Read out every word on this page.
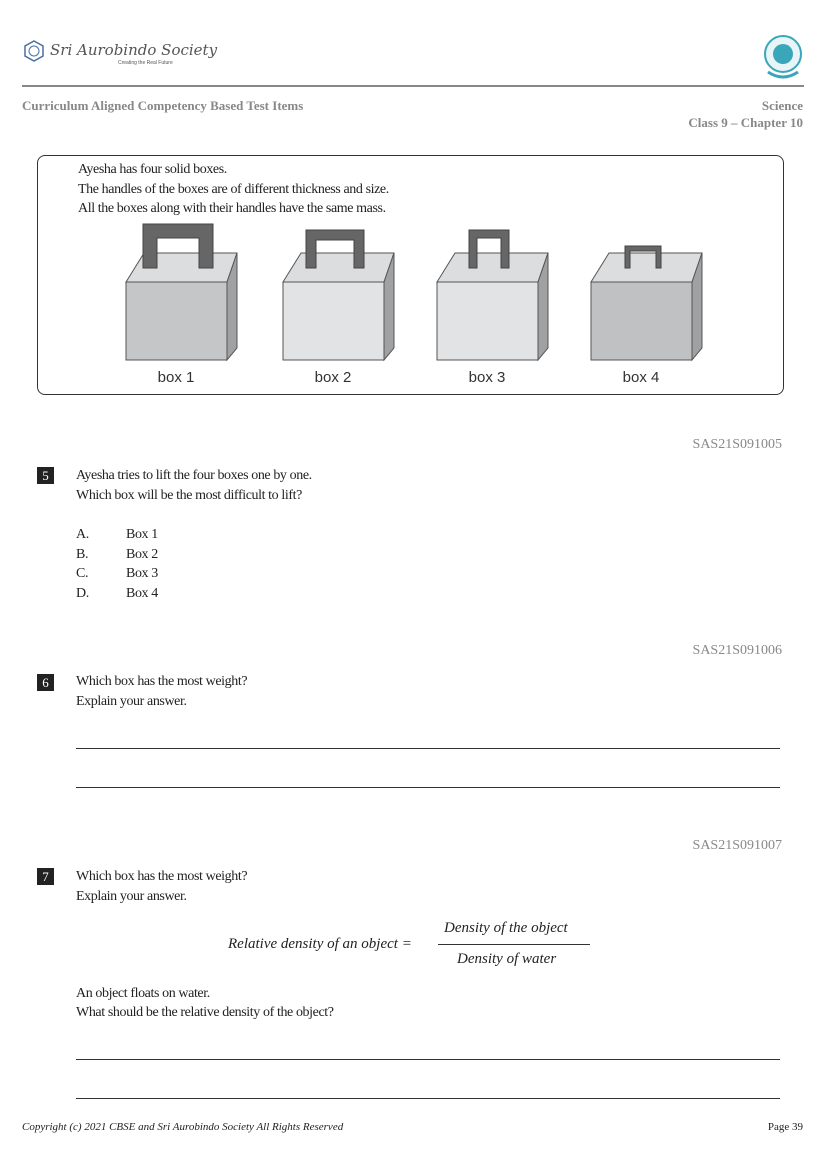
Sri Aurobindo Society
Creating the Real Future
Curriculum Aligned Competency Based Test Items	Science
Class 9 – Chapter 10
Ayesha has four solid boxes.
The handles of the boxes are of different thickness and size.
All the boxes along with their handles have the same mass.
box 1	box 2	box 3	box 4
SAS21S091005
5	Ayesha tries to lift the four boxes one by one.
Which box will be the most difficult to lift?
A.	Box 1
B.	Box 2
C.	Box 3
D.	Box 4
SAS21S091006
6	Which box has the most weight?
Explain your answer.
SAS21S091007
7	Which box has the most weight?
Explain your answer.
Relative density of an object =
Density of the object
Density of water
An object floats on water.
What should be the relative density of the object?
Copyright (c) 2021 CBSE and Sri Aurobindo Society All Rights Reserved	Page 39
